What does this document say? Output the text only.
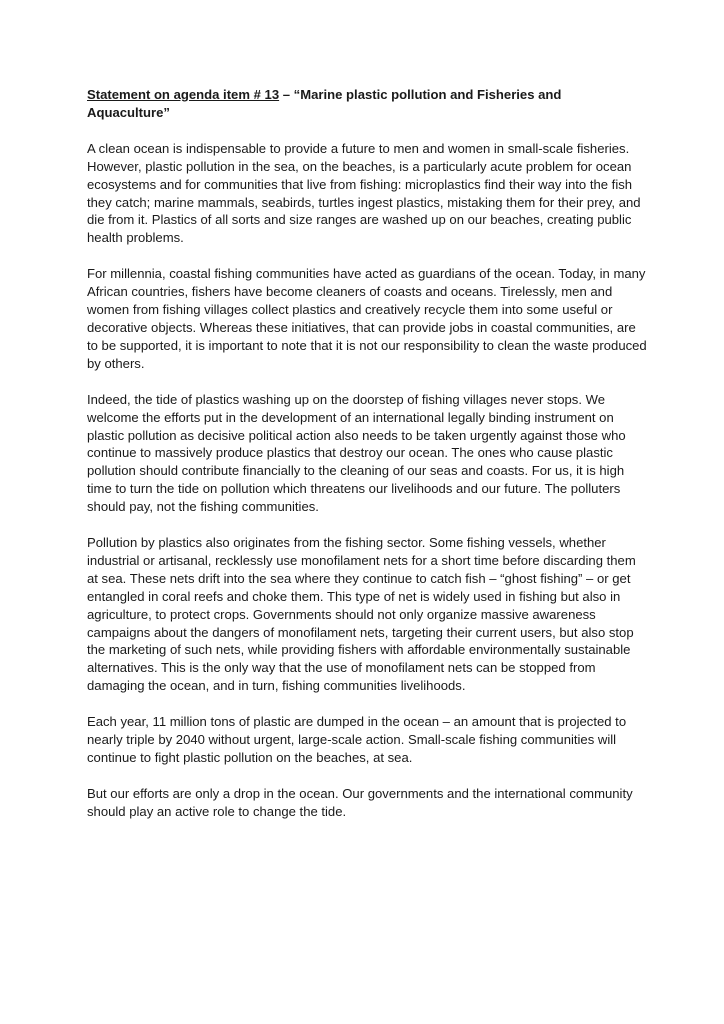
Statement on agenda item # 13 – “Marine plastic pollution and Fisheries and Aquaculture”

A clean ocean is indispensable to provide a future to men and women in small-scale fisheries. However, plastic pollution in the sea, on the beaches, is a particularly acute problem for ocean ecosystems and for communities that live from fishing: microplastics find their way into the fish they catch; marine mammals, seabirds, turtles ingest plastics, mistaking them for their prey, and die from it. Plastics of all sorts and size ranges are washed up on our beaches, creating public health problems.

For millennia, coastal fishing communities have acted as guardians of the ocean. Today, in many African countries, fishers have become cleaners of coasts and oceans. Tirelessly, men and women from fishing villages collect plastics and creatively recycle them into some useful or decorative objects. Whereas these initiatives, that can provide jobs in coastal communities, are to be supported, it is important to note that it is not our responsibility to clean the waste produced by others.

Indeed, the tide of plastics washing up on the doorstep of fishing villages never stops. We welcome the efforts put in the development of an international legally binding instrument on plastic pollution as decisive political action also needs to be taken urgently against those who continue to massively produce plastics that destroy our ocean. The ones who cause plastic pollution should contribute financially to the cleaning of our seas and coasts. For us, it is high time to turn the tide on pollution which threatens our livelihoods and our future. The polluters should pay, not the fishing communities.

Pollution by plastics also originates from the fishing sector. Some fishing vessels, whether industrial or artisanal, recklessly use monofilament nets for a short time before discarding them at sea. These nets drift into the sea where they continue to catch fish – “ghost fishing” – or get entangled in coral reefs and choke them. This type of net is widely used in fishing but also in agriculture, to protect crops. Governments should not only organize massive awareness campaigns about the dangers of monofilament nets, targeting their current users, but also stop the marketing of such nets, while providing fishers with affordable environmentally sustainable alternatives. This is the only way that the use of monofilament nets can be stopped from damaging the ocean, and in turn, fishing communities livelihoods.

Each year, 11 million tons of plastic are dumped in the ocean – an amount that is projected to nearly triple by 2040 without urgent, large-scale action. Small-scale fishing communities will continue to fight plastic pollution on the beaches, at sea.

But our efforts are only a drop in the ocean. Our governments and the international community should play an active role to change the tide.
